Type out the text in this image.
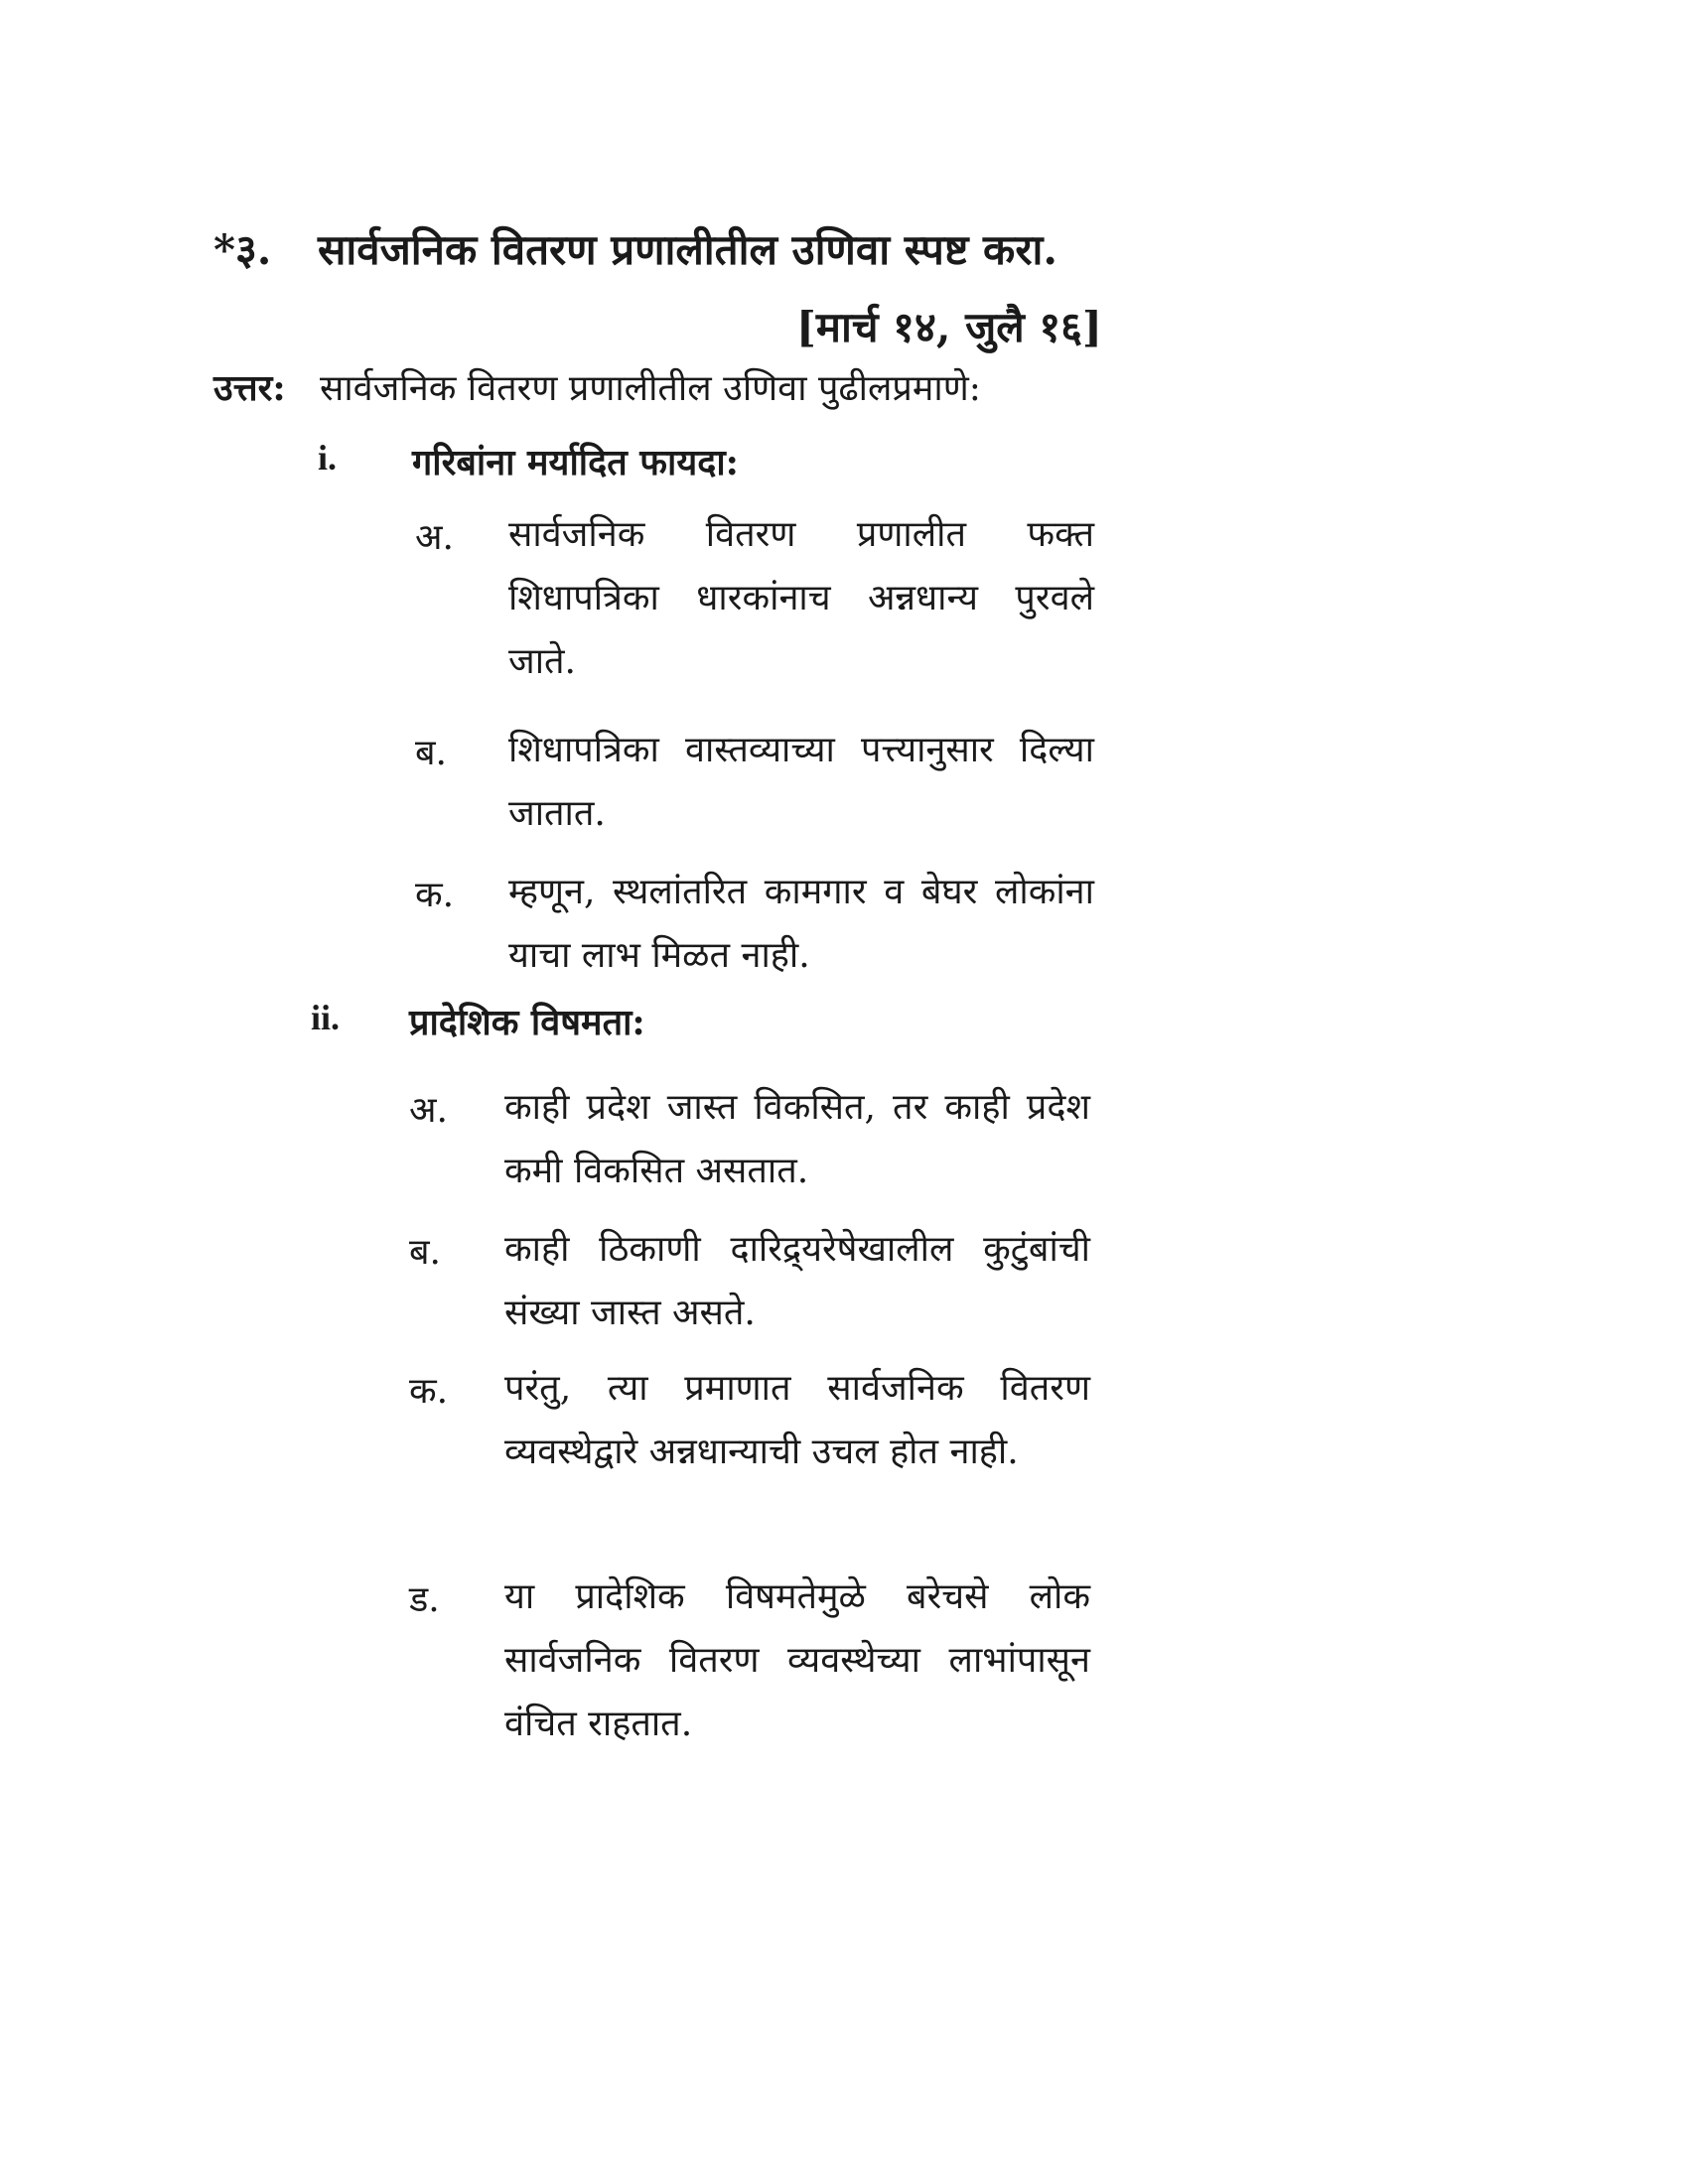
*३. सार्वजनिक वितरण प्रणालीतील उणिवा स्पष्ट करा.
[मार्च १४, जुलै १६]
उत्तर: सार्वजनिक वितरण प्रणालीतील उणिवा पुढीलप्रमाणे:
i. गरिबांना मर्यादित फायदा:
अ. सार्वजनिक वितरण प्रणालीत फक्त शिधापत्रिका धारकांनाच अन्नधान्य पुरवले जाते.
ब. शिधापत्रिका वास्तव्याच्या पत्त्यानुसार दिल्या जातात.
क. म्हणून, स्थलांतरित कामगार व बेघर लोकांना याचा लाभ मिळत नाही.
ii. प्रादेशिक विषमता:
अ. काही प्रदेश जास्त विकसित, तर काही प्रदेश कमी विकसित असतात.
ब. काही ठिकाणी दारिद्र्यरेषेखालील कुटुंबांची संख्या जास्त असते.
क. परंतु, त्या प्रमाणात सार्वजनिक वितरण व्यवस्थेद्वारे अन्नधान्याची उचल होत नाही.
ड. या प्रादेशिक विषमतेमुळे बरेचसे लोक सार्वजनिक वितरण व्यवस्थेच्या लाभांपासून वंचित राहतात.
